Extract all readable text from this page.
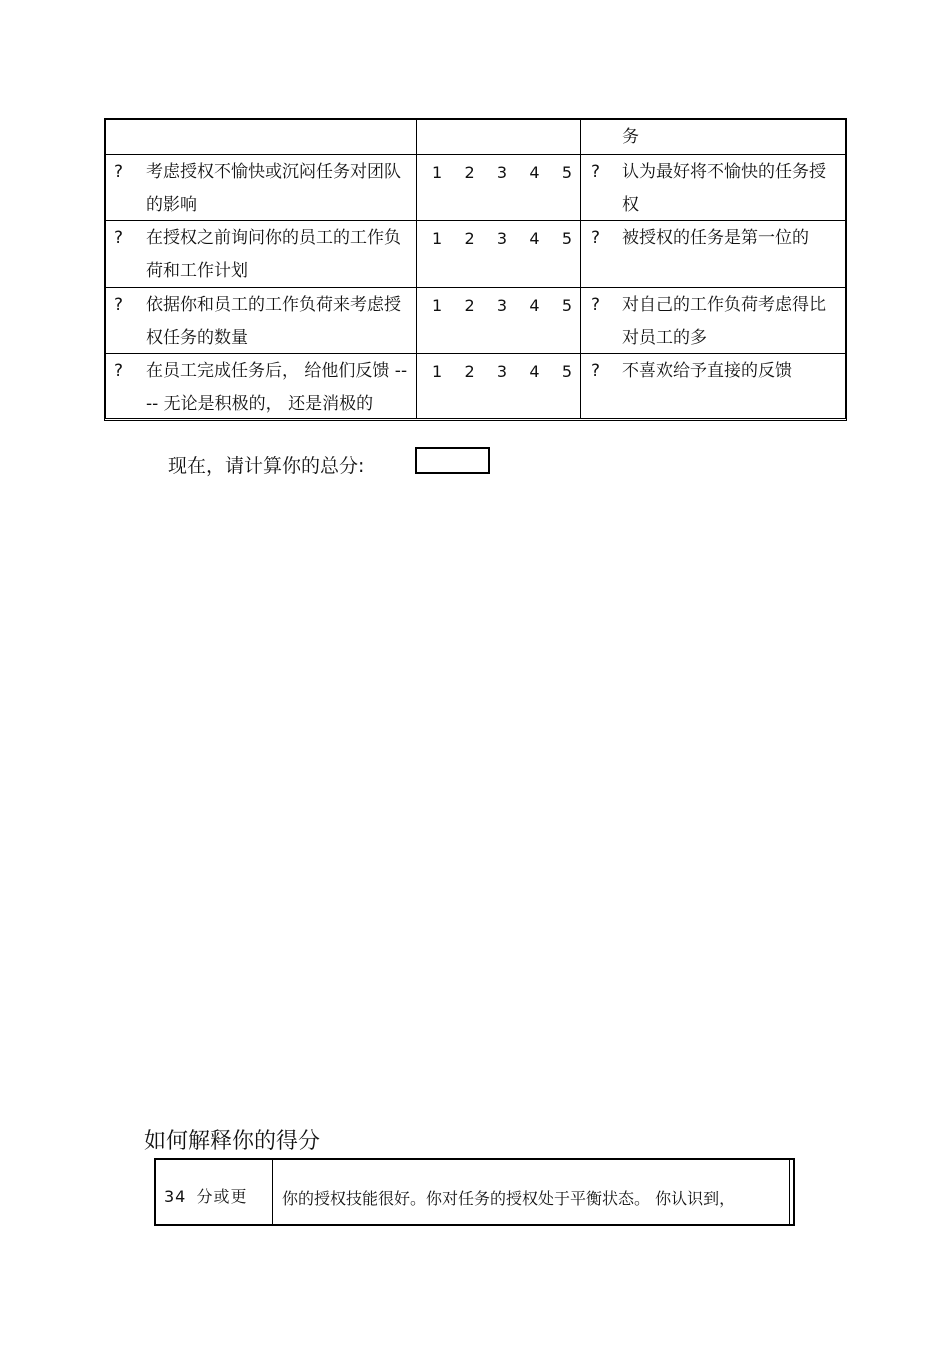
务
? 考虑授权不愉快或沉闷任务对团队的影响
1 2 3 4 5 ? 认为最好将不愉快的任务授权
? 在授权之前询问你的员工的工作负荷和工作计划
1 2 3 4 5 ? 被授权的任务是第一位的
? 依据你和员工的工作负荷来考虑授权任务的数量
1 2 3 4 5 ? 对自己的工作负荷考虑得比对员工的多
? 在员工完成任务后， 给他们反馈 ---- 无论是积极的， 还是消极的
1 2 3 4 5 ? 不喜欢给予直接的反馈
现在，请计算你的总分:
如何解释你的得分
34 分或更 你的授权技能很好。你对任务的授权处于平衡状态。 你认识到，
